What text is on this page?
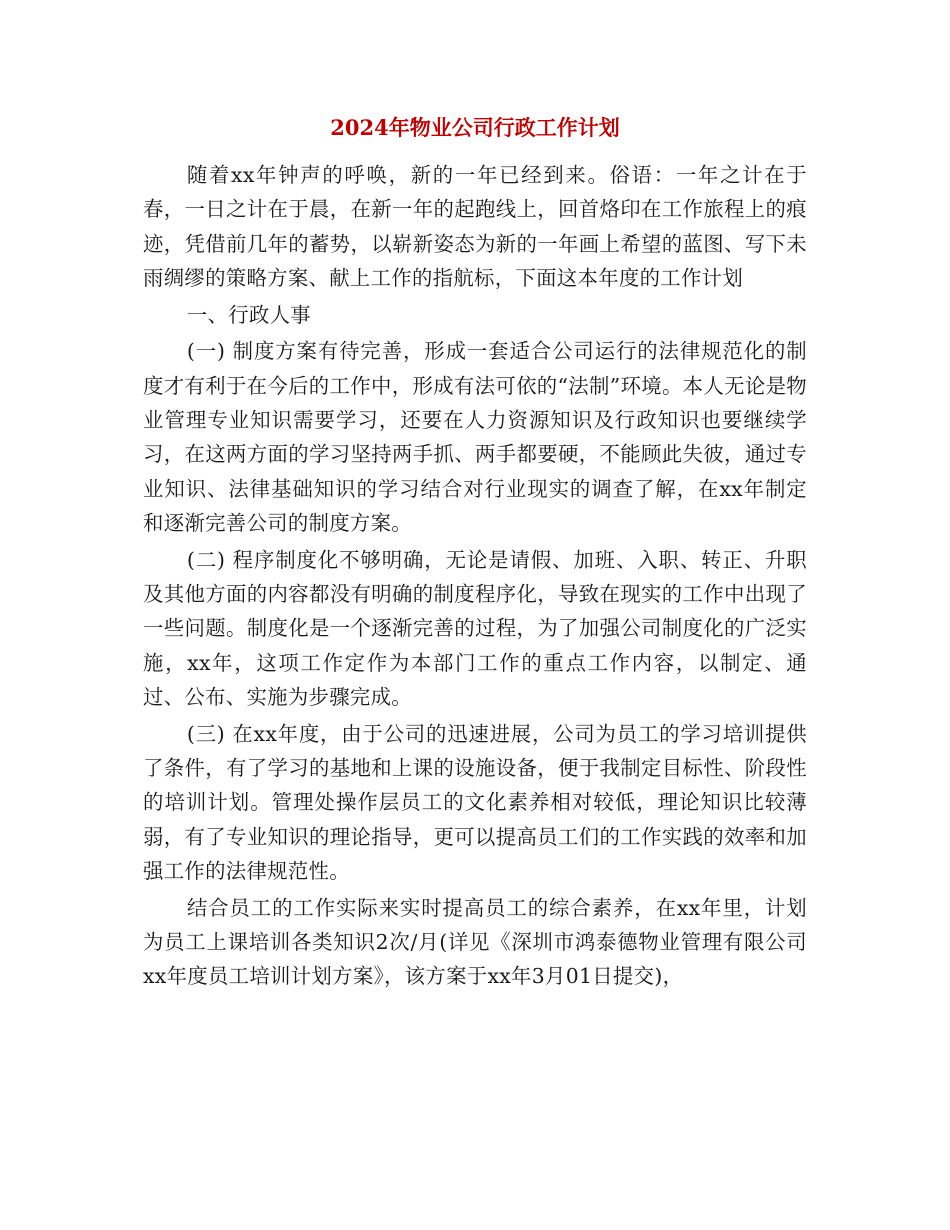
2024年物业公司行政工作计划

随着xx年钟声的呼唤，新的一年已经到来。俗语：一年之计在于春，一日之计在于晨，在新一年的起跑线上，回首烙印在工作旅程上的痕迹，凭借前几年的蓄势，以崭新姿态为新的一年画上希望的蓝图、写下未雨绸缪的策略方案、献上工作的指航标，下面这本年度的工作计划

一、行政人事

(一) 制度方案有待完善，形成一套适合公司运行的法律规范化的制度才有利于在今后的工作中，形成有法可依的“法制”环境。本人无论是物业管理专业知识需要学习，还要在人力资源知识及行政知识也要继续学习，在这两方面的学习坚持两手抓、两手都要硬，不能顾此失彼，通过专业知识、法律基础知识的学习结合对行业现实的调查了解，在xx年制定和逐渐完善公司的制度方案。

(二) 程序制度化不够明确，无论是请假、加班、入职、转正、升职及其他方面的内容都没有明确的制度程序化，导致在现实的工作中出现了一些问题。制度化是一个逐渐完善的过程，为了加强公司制度化的广泛实施，xx年，这项工作定作为本部门工作的重点工作内容，以制定、通过、公布、实施为步骤完成。

(三) 在xx年度，由于公司的迅速进展，公司为员工的学习培训提供了条件，有了学习的基地和上课的设施设备，便于我制定目标性、阶段性的培训计划。管理处操作层员工的文化素养相对较低，理论知识比较薄弱，有了专业知识的理论指导，更可以提高员工们的工作实践的效率和加强工作的法律规范性。

结合员工的工作实际来实时提高员工的综合素养，在xx年里，计划为员工上课培训各类知识2次/月(详见《深圳市鸿泰德物业管理有限公司xx年度员工培训计划方案》，该方案于xx年3月01日提交)，
